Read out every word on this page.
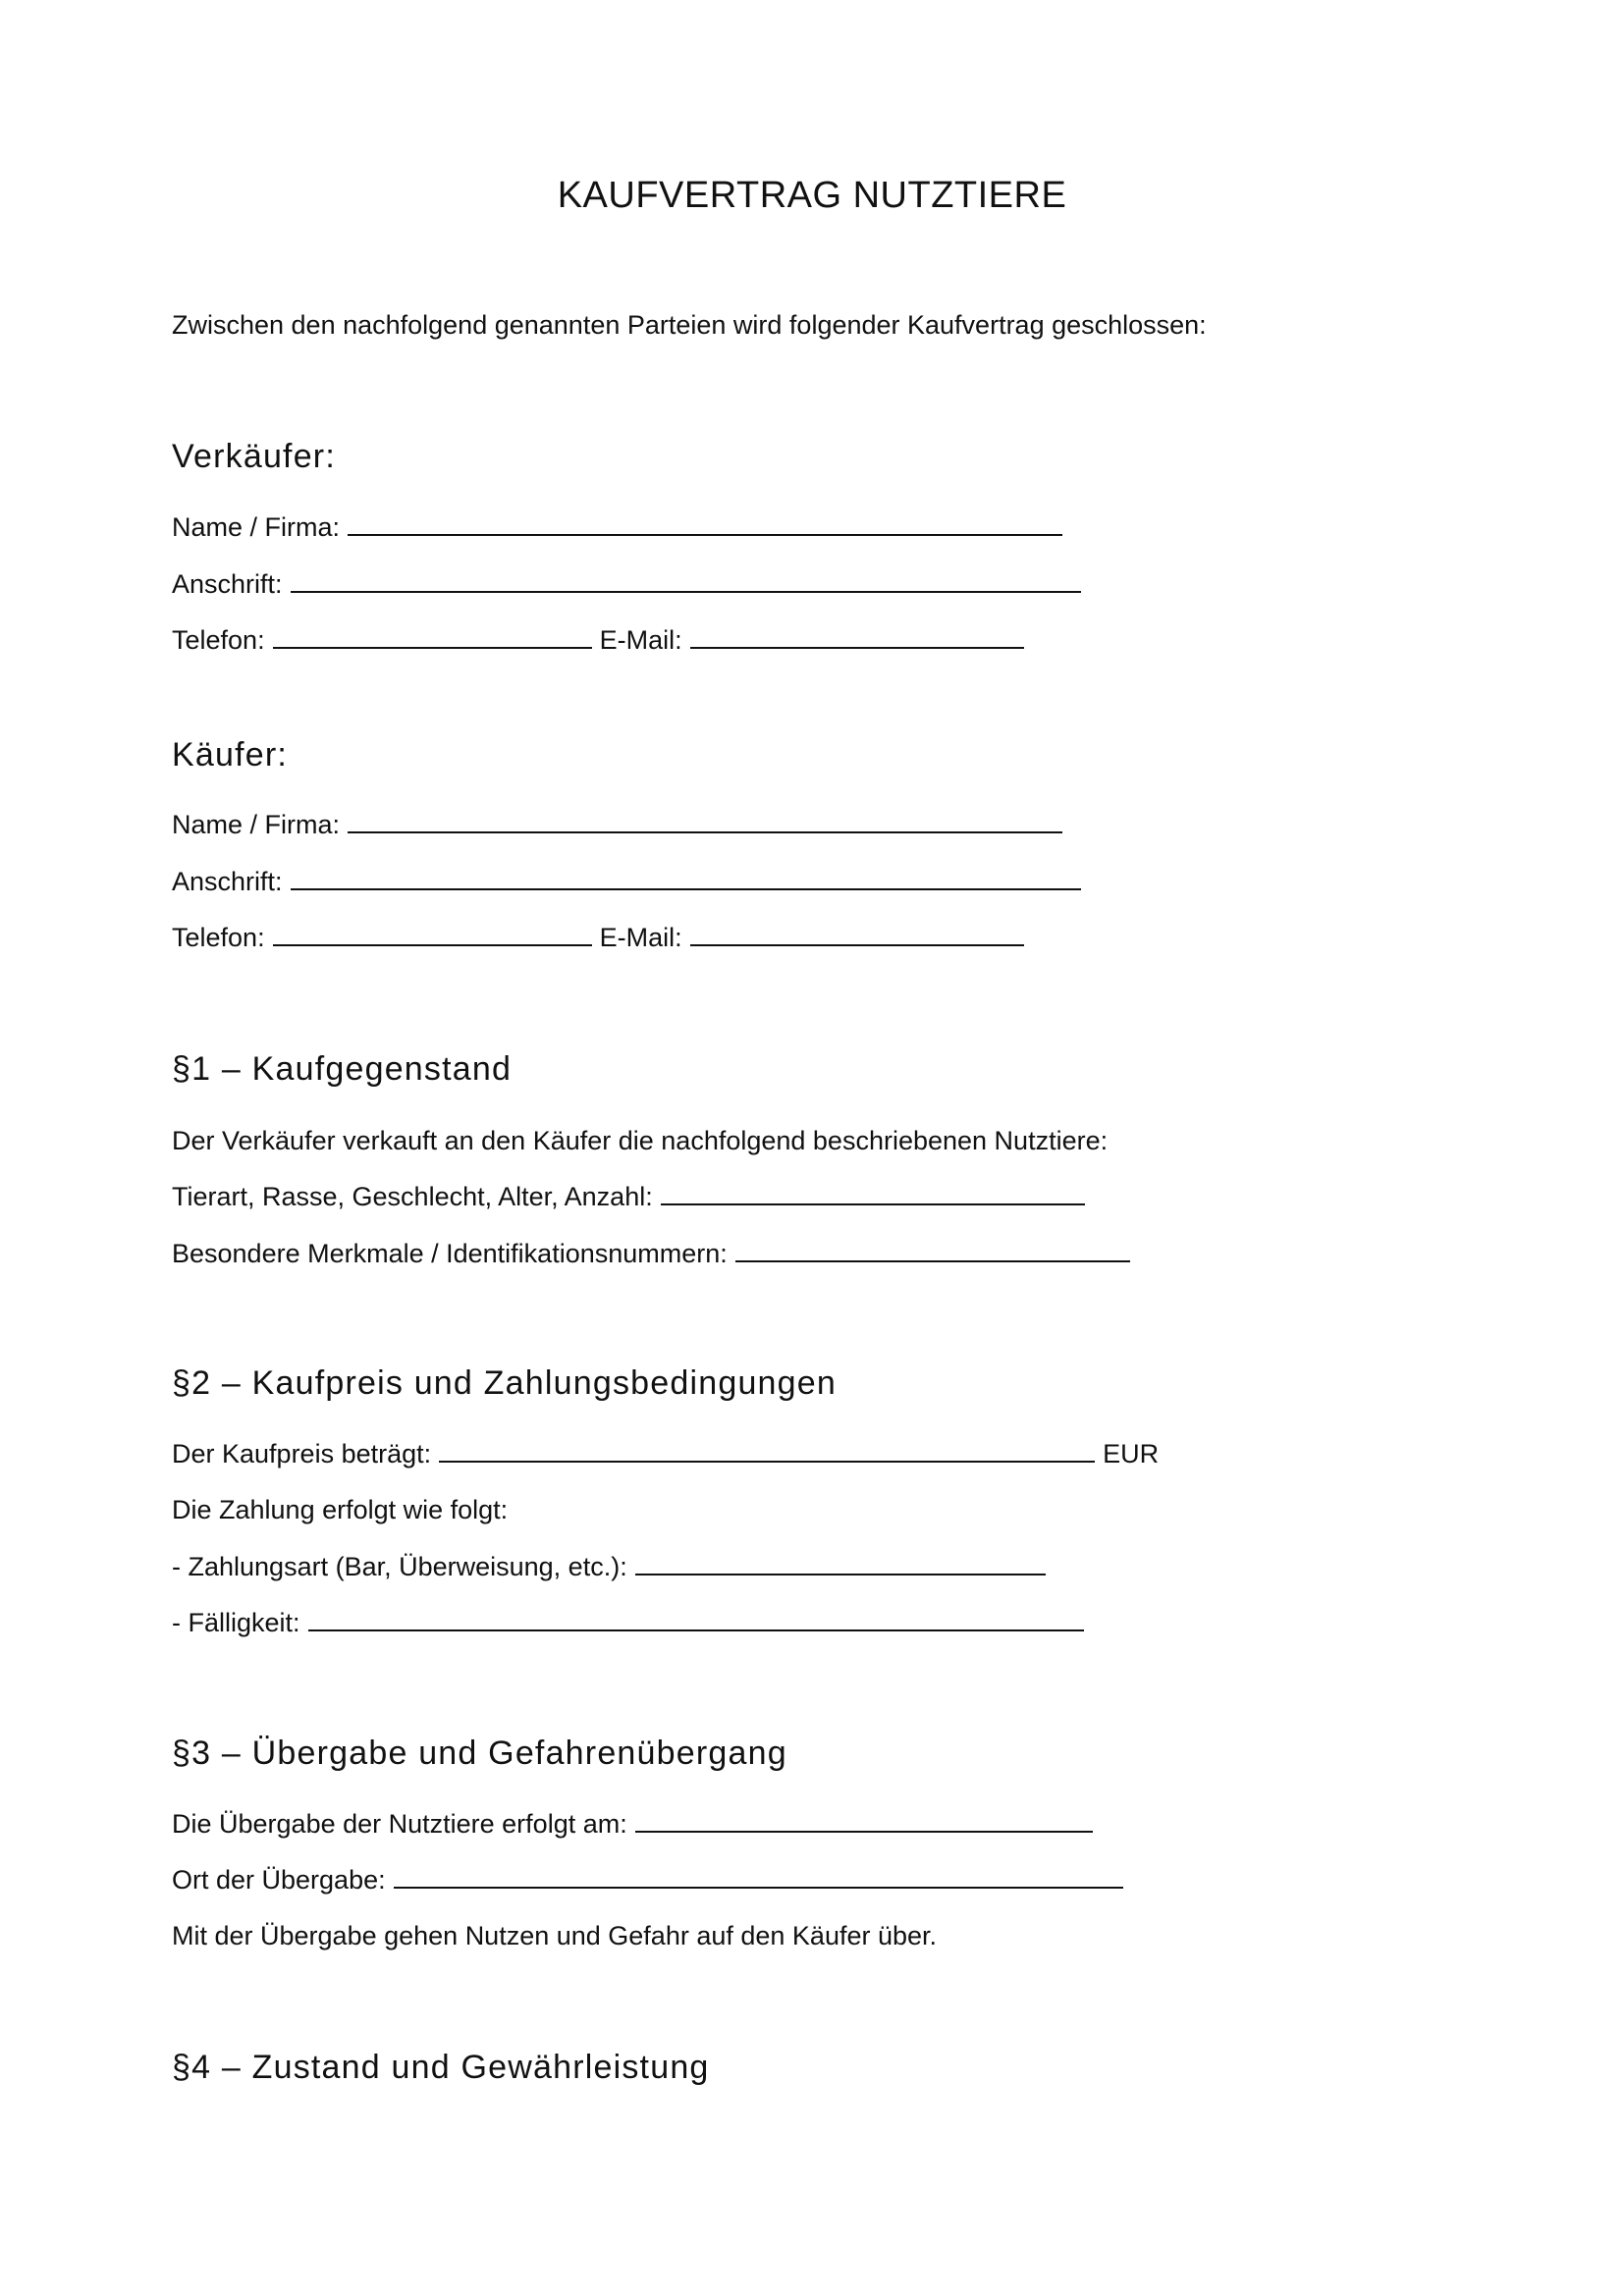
KAUFVERTRAG NUTZTIERE

Zwischen den nachfolgend genannten Parteien wird folgender Kaufvertrag geschlossen:

Verkäufer:
Name / Firma:
Anschrift:
Telefon:	E-Mail:
Käufer:
Name / Firma:
Anschrift:
Telefon:	E-Mail:
§1 – Kaufgegenstand
Der Verkäufer verkauft an den Käufer die nachfolgend beschriebenen Nutztiere:
Tierart, Rasse, Geschlecht, Alter, Anzahl:
Besondere Merkmale / Identifikationsnummern:
§2 – Kaufpreis und Zahlungsbedingungen
Der Kaufpreis beträgt:	EUR
Die Zahlung erfolgt wie folgt:
- Zahlungsart (Bar, Überweisung, etc.):
- Fälligkeit:
§3 – Übergabe und Gefahrenübergang
Die Übergabe der Nutztiere erfolgt am:
Ort der Übergabe:
Mit der Übergabe gehen Nutzen und Gefahr auf den Käufer über.
§4 – Zustand und Gewährleistung
